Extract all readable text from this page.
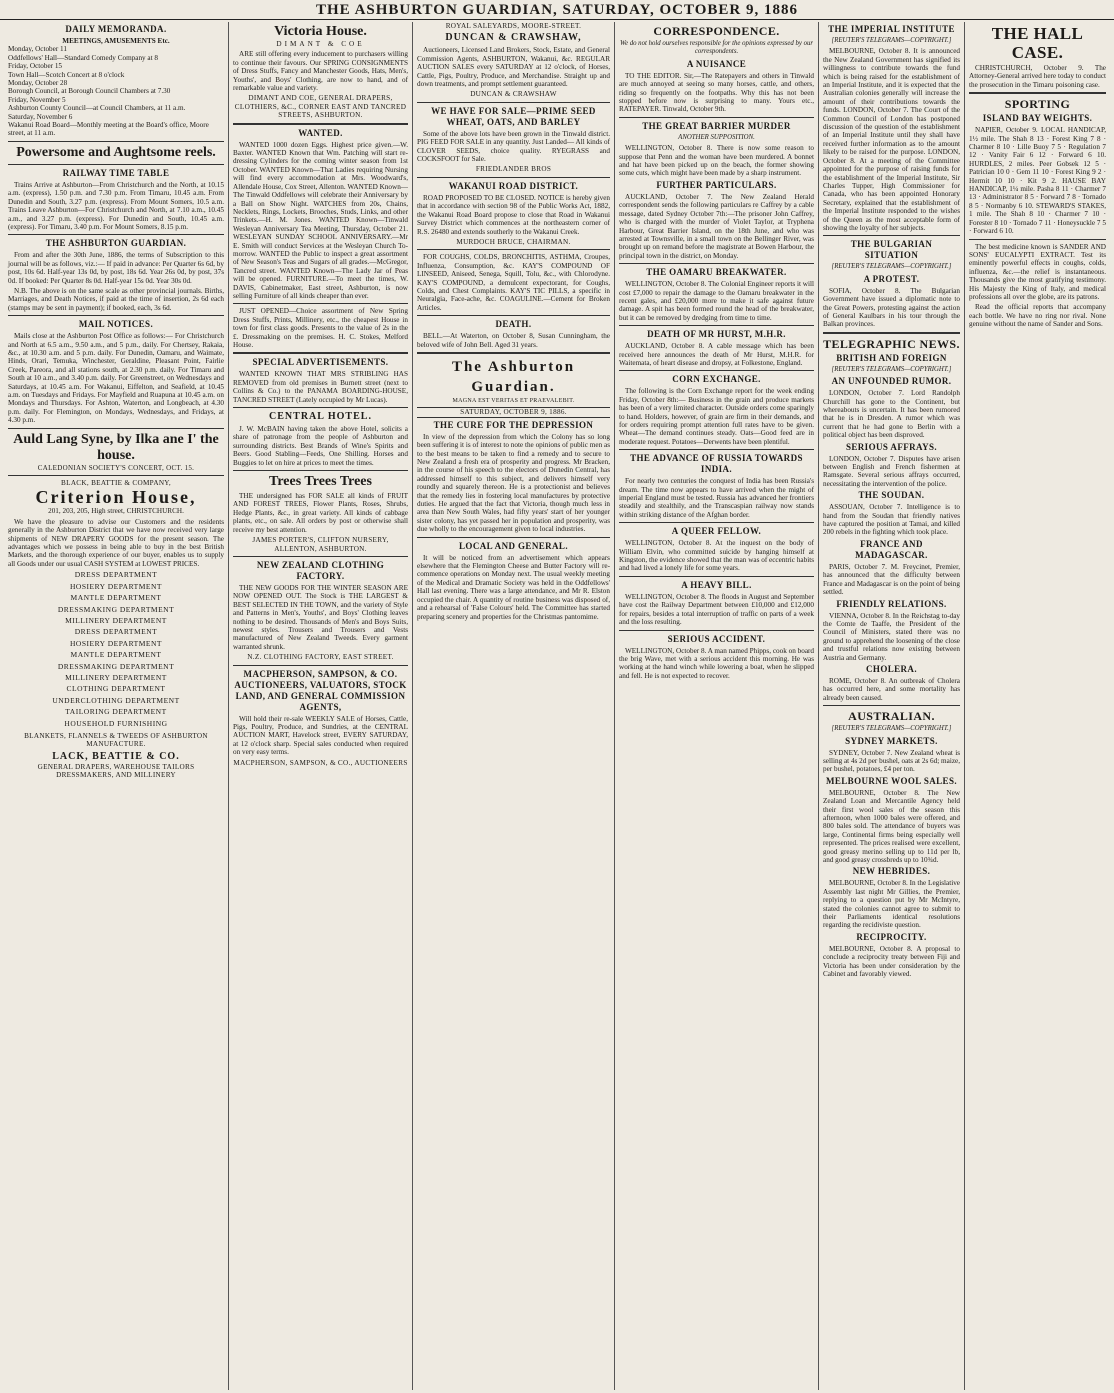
THE ASHBURTON GUARDIAN, SATURDAY, OCTOBER 9, 1886
DAILY MEMORANDA.
MEETINGS, AMUSEMENTS Etc.
Monday, October 11
Oddfellows' Hall—Standard Comedy Company at 8
Friday, October 15
Town Hall—Scotch Concert at 8 o'clock
Monday, October 28
Borough Council, at Borough Council Chambers at 7.30
Friday, November 5
Ashburton County Council—at Council Chambers, at 11 a.m.
Saturday, November 6
Wakanui Road Board—Monthly meeting at the Board's office, Moore street, at 11 a.m.
Powersome and Aughtsome reels.
RAILWAY TIME TABLE

Trains Arrive at Ashburton—From Christchurch and the North, at 10.15 a.m. (express), 1.50 p.m. and 7.30 p.m. From Timaru, 10.45 a.m. From Dunedin and South, 3.27 p.m. (express). From Mount Somers, 10.5 a.m. Trains Leave Ashburton—For Christchurch and North, at 7.10 a.m., 10.45 a.m., and 3.27 p.m. (express). For Dunedin and South, 10.45 a.m. (express). For Timaru, 3.40 p.m. For Mount Somers, 8.15 p.m.

THE ASHBURTON GUARDIAN.

From and after the 30th June, 1886, the terms of Subscription to this journal will be as follows, viz.:— If paid in advance: Per Quarter 6s 6d, by post, 10s 6d. Half-year 13s 0d, by post, 18s 6d. Year 26s 0d, by post, 37s 0d. If booked: Per Quarter 8s 0d. Half-year 15s 0d. Year 30s 0d.

N.B. The above is on the same scale as other provincial journals. Births, Marriages, and Death Notices, if paid at the time of insertion, 2s 6d each (stamps may be sent in payment); if booked, each, 3s 6d.

MAIL NOTICES.

Mails close at the Ashburton Post Office as follows:— For Christchurch and North at 6.5 a.m., 9.50 a.m., and 5 p.m., daily. For Chertsey, Rakaia, &c., at 10.30 a.m. and 5 p.m. daily. For Dunedin, Oamaru, and Waimate, Hinds, Orari, Temuka, Winchester, Geraldine, Pleasant Point, Fairlie Creek, Pareora, and all stations south, at 2.30 p.m. daily. For Timaru and South at 10 a.m., and 3.40 p.m. daily. For Greenstreet, on Wednesdays and Saturdays, at 10.45 a.m. For Wakanui, Eiffelton, and Seafield, at 10.45 a.m. on Tuesdays and Fridays. For Mayfield and Ruapuna at 10.45 a.m. on Mondays and Thursdays. For Ashton, Waterton, and Longbeach, at 4.30 p.m. daily. For Flemington, on Mondays, Wednesdays, and Fridays, at 4.30 p.m.

Auld Lang Syne, by Ilka ane I' the house.
CALEDONIAN SOCIETY'S CONCERT, OCT. 15.
BLACK, BEATTIE & COMPANY,
Criterion House,
201, 203, 205, High street, CHRISTCHURCH.

We have the pleasure to advise our Customers and the residents generally in the Ashburton District that we have now received very large shipments of NEW DRAPERY GOODS for the present season. The advantages which we possess in being able to buy in the best British Markets, and the thorough experience of our buyer, enables us to supply all Goods under our usual CASH SYSTEM at LOWEST PRICES.

DRESS DEPARTMENT
HOSIERY DEPARTMENT
MANTLE DEPARTMENT
DRESSMAKING DEPARTMENT
MILLINERY DEPARTMENT
DRESS DEPARTMENT
HOSIERY DEPARTMENT
MANTLE DEPARTMENT
DRESSMAKING DEPARTMENT
MILLINERY DEPARTMENT
CLOTHING DEPARTMENT
UNDERCLOTHING DEPARTMENT
TAILORING DEPARTMENT
HOUSEHOLD FURNISHING
BLANKETS, FLANNELS & TWEEDS OF ASHBURTON MANUFACTURE.
LACK, BEATTIE & CO.
GENERAL DRAPERS, WAREHOUSE TAILORS DRESSMAKERS, AND MILLINERY
Victoria House.
DIMANT & COE

ARE still offering every inducement to purchasers willing to continue their favours. Our SPRING CONSIGNMENTS of Dress Stuffs, Fancy and Manchester Goods, Hats, Men's, Youths', and Boys' Clothing, are now to hand, and of remarkable value and variety.

DIMANT AND COE, GENERAL DRAPERS, CLOTHIERS, &C., CORNER EAST AND TANCRED STREETS, ASHBURTON.
WANTED.

WANTED 1000 dozen Eggs. Highest price given.—W. Baxter. WANTED Known that Wm. Patching will start re-dressing Cylinders for the coming winter season from 1st October. WANTED Known—That Ladies requiring Nursing will find every accommodation at Mrs. Woodward's, Allendale House, Cox Street, Allenton. WANTED Known—The Tinwald Oddfellows will celebrate their Anniversary by a Ball on Show Night. WATCHES from 20s, Chains, Necklets, Rings, Lockets, Brooches, Studs, Links, and other Trinkets.—H. M. Jones. WANTED Known—Tinwald Wesleyan Anniversary Tea Meeting, Thursday, October 21. WESLEYAN SUNDAY SCHOOL ANNIVERSARY.—Mr E. Smith will conduct Services at the Wesleyan Church To-morrow. WANTED the Public to inspect a great assortment of New Season's Teas and Sugars of all grades.—McGregor, Tancred street. WANTED Known—The Lady Jar of Peas will be opened. FURNITURE.—To meet the times, W. DAVIS, Cabinetmaker, East street, Ashburton, is now selling Furniture of all kinds cheaper than ever.

JUST OPENED—Choice assortment of New Spring Dress Stuffs, Prints, Millinery, etc., the cheapest House in town for first class goods. Presents to the value of 2s in the £. Dressmaking on the premises. H. C. Stokes, Melford House.

SPECIAL ADVERTISEMENTS.

WANTED KNOWN THAT MRS STRIBLING HAS REMOVED from old premises in Burnett street (next to Collins & Co.) to the PANAMA BOARDING-HOUSE, TANCRED STREET (Lately occupied by Mr Lucas).

CENTRAL HOTEL.

J. W. McBAIN having taken the above Hotel, solicits a share of patronage from the people of Ashburton and surrounding districts. Best Brands of Wine's Spirits and Beers. Good Stabling—Feeds, One Shilling. Horses and Buggies to let on hire at prices to meet the times.

Trees Trees Trees

THE undersigned has FOR SALE all kinds of FRUIT AND FOREST TREES, Flower Plants, Roses, Shrubs, Hedge Plants, &c., in great variety. All kinds of cabbage plants, etc., on sale. All orders by post or otherwise shall receive my best attention.

JAMES PORTER'S, CLIFTON NURSERY, ALLENTON, ASHBURTON.
NEW ZEALAND CLOTHING FACTORY.

THE NEW GOODS FOR THE WINTER SEASON ARE NOW OPENED OUT. The Stock is THE LARGEST & BEST SELECTED IN THE TOWN, and the variety of Style and Patterns in Men's, Youths', and Boys' Clothing leaves nothing to be desired. Thousands of Men's and Boys Suits, newest styles. Trousers and Trousers and Vests manufactured of New Zealand Tweeds. Every garment warranted shrunk.

N.Z. CLOTHING FACTORY, EAST STREET.
MACPHERSON, SAMPSON, & CO. AUCTIONEERS, VALUATORS, STOCK LAND, AND GENERAL COMMISSION AGENTS,

Will hold their re-sale WEEKLY SALE of Horses, Cattle, Pigs, Poultry, Produce, and Sundries, at the CENTRAL AUCTION MART, Havelock street, EVERY SATURDAY, at 12 o'clock sharp. Special sales conducted when required on very easy terms.

MACPHERSON, SAMPSON, & CO., AUCTIONEERS
ROYAL SALEYARDS, MOORE-STREET.
DUNCAN & CRAWSHAW,

Auctioneers, Licensed Land Brokers, Stock, Estate, and General Commission Agents, ASHBURTON, Wakanui, &c. REGULAR AUCTION SALES every SATURDAY at 12 o'clock, of Horses, Cattle, Pigs, Poultry, Produce, and Merchandise. Straight up and down treatments, and prompt settlement guaranteed.

DUNCAN & CRAWSHAW
WE HAVE FOR SALE—PRIME SEED WHEAT, OATS, AND BARLEY

Some of the above lots have been grown in the Tinwald district. PIG FEED FOR SALE in any quantity. Just Landed— All kinds of CLOVER SEEDS, choice quality. RYEGRASS and COCKSFOOT for Sale.

FRIEDLANDER BROS
WAKANUI ROAD DISTRICT.

ROAD PROPOSED TO BE CLOSED. NOTICE is hereby given that in accordance with section 98 of the Public Works Act, 1882, the Wakanui Road Board propose to close that Road in Wakanui Survey District which commences at the northeastern corner of R.S. 26480 and extends southerly to the Wakanui Creek.

MURDOCH BRUCE, CHAIRMAN.

FOR COUGHS, COLDS, BRONCHITIS, ASTHMA, Croupes, Influenza, Consumption, &c. KAY'S COMPOUND OF LINSEED, Aniseed, Senega, Squill, Tolu, &c., with Chlorodyne. KAY'S COMPOUND, a demulcent expectorant, for Coughs, Colds, and Chest Complaints. KAY'S TIC PILLS, a specific in Neuralgia, Face-ache, &c. COAGULINE.—Cement for Broken Articles.

DEATH.

BELL.—At Waterton, on October 8, Susan Cunningham, the beloved wife of John Bell. Aged 31 years.

The Ashburton Guardian.
MAGNA EST VERITAS ET PRAEVALEBIT.
SATURDAY, OCTOBER 9, 1886.
THE CURE FOR THE DEPRESSION

In view of the depression from which the Colony has so long been suffering it is of interest to note the opinions of public men as to the best means to be taken to find a remedy and to secure to New Zealand a fresh era of prosperity and progress. Mr Bracken, in the course of his speech to the electors of Dunedin Central, has addressed himself to this subject, and delivers himself very roundly and squarely thereon. He is a protectionist and believes that the remedy lies in fostering local manufactures by protective duties. He argued that the fact that Victoria, though much less in area than New South Wales, had fifty years' start of her younger sister colony, has yet passed her in population and prosperity, was due wholly to the encouragement given to local industries.

LOCAL AND GENERAL.

It will be noticed from an advertisement which appears elsewhere that the Flemington Cheese and Butter Factory will re-commence operations on Monday next. The usual weekly meeting of the Medical and Dramatic Society was held in the Oddfellows' Hall last evening. There was a large attendance, and Mr R. Elston occupied the chair. A quantity of routine business was disposed of, and a rehearsal of 'False Colours' held. The Committee has started preparing scenery and properties for the Christmas pantomime.

CORRESPONDENCE.
We do not hold ourselves responsible for the opinions expressed by our correspondents.
A NUISANCE

TO THE EDITOR. Sir,—The Ratepayers and others in Tinwald are much annoyed at seeing so many horses, cattle, and others, riding so frequently on the footpaths. Why this has not been stopped before now is surprising to many. Yours etc., RATEPAYER. Tinwald, October 9th.

THE GREAT BARRIER MURDER
ANOTHER SUPPOSITION.

WELLINGTON, October 8. There is now some reason to suppose that Penn and the woman have been murdered. A bonnet and hat have been picked up on the beach, the former showing some cuts, which might have been made by a sharp instrument.

FURTHER PARTICULARS.

AUCKLAND, October 7. The New Zealand Herald correspondent sends the following particulars re Caffrey by a cable message, dated Sydney October 7th:—The prisoner John Caffrey, who is charged with the murder of Violet Taylor, at Tryphena Harbour, Great Barrier Island, on the 18th June, and who was arrested at Townsville, in a small town on the Bellinger River, was brought up on remand before the magistrate at Bowen Harbour, the principal town in the district, on Monday.

THE OAMARU BREAKWATER.

WELLINGTON, October 8. The Colonial Engineer reports it will cost £7,000 to repair the damage to the Oamaru breakwater in the recent gales, and £20,000 more to make it safe against future damage. A spit has been formed round the head of the breakwater, but it can be removed by dredging from time to time.

DEATH OF MR HURST, M.H.R.

AUCKLAND, October 8. A cable message which has been received here announces the death of Mr Hurst, M.H.R. for Waitemata, of heart disease and dropsy, at Folkestone, England.

CORN EXCHANGE.

The following is the Corn Exchange report for the week ending Friday, October 8th:— Business in the grain and produce markets has been of a very limited character. Outside orders come sparingly to hand. Holders, however, of grain are firm in their demands, and for orders requiring prompt attention full rates have to be given. Wheat—The demand continues steady. Oats—Good feed are in moderate request. Potatoes—Derwents have been plentiful.

THE ADVANCE OF RUSSIA TOWARDS INDIA.

For nearly two centuries the conquest of India has been Russia's dream. The time now appears to have arrived when the might of imperial England must be tested. Russia has advanced her frontiers steadily and stealthily, and the Transcaspian railway now stands within striking distance of the Afghan border.

A QUEER FELLOW.

WELLINGTON, October 8. At the inquest on the body of William Elvin, who committed suicide by hanging himself at Kingston, the evidence showed that the man was of eccentric habits and had lived a lonely life for some years.

A HEAVY BILL.

WELLINGTON, October 8. The floods in August and September have cost the Railway Department between £10,000 and £12,000 for repairs, besides a total interruption of traffic on parts of a week and the loss resulting.

SERIOUS ACCIDENT.

WELLINGTON, October 8. A man named Phipps, cook on board the brig Wave, met with a serious accident this morning. He was working at the hand winch while lowering a boat, when he slipped and fell. He is not expected to recover.

THE IMPERIAL INSTITUTE
[REUTER'S TELEGRAMS—COPYRIGHT.]

MELBOURNE, October 8. It is announced the New Zealand Government has signified its willingness to contribute towards the fund which is being raised for the establishment of an Imperial Institute, and it is expected that the Australian colonies generally will increase the amount of their contributions towards the funds. LONDON, October 7. The Court of the Common Council of London has postponed discussion of the question of the establishment of an Imperial Institute until they shall have received further information as to the amount likely to be raised for the purpose. LONDON, October 8. At a meeting of the Committee appointed for the purpose of raising funds for the establishment of the Imperial Institute, Sir Charles Tupper, High Commissioner for Canada, who has been appointed Honorary Secretary, explained that the establishment of the Imperial Institute responded to the wishes of the Queen as the most acceptable form of showing the loyalty of her subjects.

THE BULGARIAN SITUATION
[REUTER'S TELEGRAMS—COPYRIGHT.]
A PROTEST.

SOFIA, October 8. The Bulgarian Government have issued a diplomatic note to the Great Powers, protesting against the action of General Kaulbars in his tour through the Balkan provinces.

TELEGRAPHIC NEWS.
BRITISH AND FOREIGN
[REUTER'S TELEGRAMS—COPYRIGHT.]
AN UNFOUNDED RUMOR.

LONDON, October 7. Lord Randolph Churchill has gone to the Continent, but whereabouts is uncertain. It has been rumored that he is in Dresden. A rumor which was current that he had gone to Berlin with a political object has been disproved.

SERIOUS AFFRAYS.

LONDON, October 7. Disputes have arisen between English and French fishermen at Ramsgate. Several serious affrays occurred, necessitating the intervention of the police.

THE SOUDAN.

ASSOUAN, October 7. Intelligence is to hand from the Soudan that friendly natives have captured the position at Tamai, and killed 200 rebels in the fighting which took place.

FRANCE AND MADAGASCAR.

PARIS, October 7. M. Freycinet, Premier, has announced that the difficulty between France and Madagascar is on the point of being settled.

FRIENDLY RELATIONS.

VIENNA, October 8. In the Reichstag to-day the Comte de Taaffe, the President of the Council of Ministers, stated there was no ground to apprehend the loosening of the close and trustful relations now existing between Austria and Germany.

CHOLERA.

ROME, October 8. An outbreak of Cholera has occurred here, and some mortality has already been caused.

AUSTRALIAN.
[REUTER'S TELEGRAMS—COPYRIGHT.]
SYDNEY MARKETS.

SYDNEY, October 7. New Zealand wheat is selling at 4s 2d per bushel, oats at 2s 6d; maize, per bushel, potatoes, £4 per ton.

MELBOURNE WOOL SALES.

MELBOURNE, October 8. The New Zealand Loan and Mercantile Agency held their first wool sales of the season this afternoon, when 1000 bales were offered, and 800 bales sold. The attendance of buyers was large, Continental firms being especially well represented. The prices realised were excellent, good greasy merino selling up to 11d per lb, and good greasy crossbreds up to 10¾d.

NEW HEBRIDES.

MELBOURNE, October 8. In the Legislative Assembly last night Mr Gillies, the Premier, replying to a question put by Mr McIntyre, stated the colonies cannot agree to submit to their Parliaments identical resolutions regarding the recidiviste question.

RECIPROCITY.

MELBOURNE, October 8. A proposal to conclude a reciprocity treaty between Fiji and Victoria has been under consideration by the Cabinet and favorably viewed.

THE HALL CASE.

CHRISTCHURCH, October 9. The Attorney-General arrived here today to conduct the prosecution in the Timaru poisoning case.

SPORTING
ISLAND BAY WEIGHTS.

NAPIER, October 9. LOCAL HANDICAP, 1½ mile. The Shah 8 13 · Forest King 7 8 · Charmer 8 10 · Lille Buoy 7 5 · Regulation 7 12 · Vanity Fair 6 12 · Forward 6 10. HURDLES, 2 miles. Peer Gobsek 12 5 · Patrician 10 0 · Gem 11 10 · Forest King 9 2 · Hermit 10 10 · Kit 9 2. HAUSE BAY HANDICAP, 1¼ mile. Pasha 8 11 · Charmer 7 13 · Administrator 8 5 · Forward 7 8 · Tornado 8 5 · Normanby 6 10. STEWARD'S STAKES, 1 mile. The Shah 8 10 · Charmer 7 10 · Forester 8 10 · Tornado 7 11 · Honeysuckle 7 5 · Forward 6 10.

The best medicine known is SANDER AND SONS' EUCALYPTI EXTRACT. Test its eminently powerful effects in coughs, colds, influenza, &c.—the relief is instantaneous. Thousands give the most gratifying testimony. His Majesty the King of Italy, and medical professions all over the globe, are its patrons.

Read the official reports that accompany each bottle. We have no ring nor rival. None genuine without the name of Sander and Sons.
